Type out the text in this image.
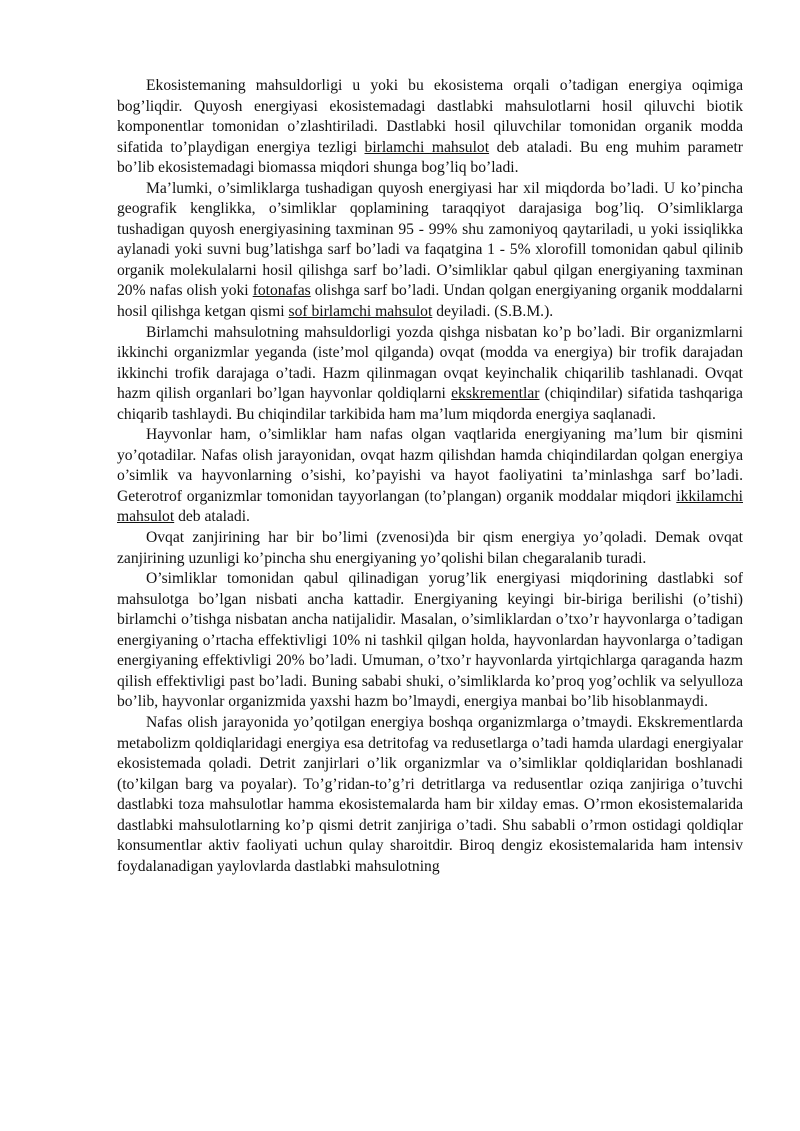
Ekosistemaning mahsuldorligi u yoki bu ekosistema orqali o’tadigan energiya oqimiga bog’liqdir. Quyosh energiyasi ekosistemadagi dastlabki mahsulotlarni hosil qiluvchi biotik komponentlar tomonidan o’zlashtiriladi. Dastlabki hosil qiluvchilar tomonidan organik modda sifatida to’playdigan energiya tezligi birlamchi mahsulot deb ataladi. Bu eng muhim parametr bo’lib ekosistemadagi biomassa miqdori shunga bog’liq bo’ladi.

Ma’lumki, o’simliklarga tushadigan quyosh energiyasi har xil miqdorda bo’ladi. U ko’pincha geografik kenglikka, o’simliklar qoplamining taraqqiyot darajasiga bog’liq. O’simliklarga tushadigan quyosh energiyasining taxminan 95 - 99% shu zamoniyoq qaytariladi, u yoki issiqlikka aylanadi yoki suvni bug’latishga sarf bo’ladi va faqatgina 1 - 5% xlorofill tomonidan qabul qilinib organik molekulalarni hosil qilishga sarf bo’ladi. O’simliklar qabul qilgan energiyaning taxminan 20% nafas olish yoki fotonafas olishga sarf bo’ladi. Undan qolgan energiyaning organik moddalarni hosil qilishga ketgan qismi sof birlamchi mahsulot deyiladi. (S.B.M.).

Birlamchi mahsulotning mahsuldorligi yozda qishga nisbatan ko’p bo’ladi. Bir organizmlarni ikkinchi organizmlar yeganda (iste’mol qilganda) ovqat (modda va energiya) bir trofik darajadan ikkinchi trofik darajaga o’tadi. Hazm qilinmagan ovqat keyinchalik chiqarilib tashlanadi. Ovqat hazm qilish organlari bo’lgan hayvonlar qoldiqlarni ekskrementlar (chiqindilar) sifatida tashqariga chiqarib tashlaydi. Bu chiqindilar tarkibida ham ma’lum miqdorda energiya saqlanadi.

Hayvonlar ham, o’simliklar ham nafas olgan vaqtlarida energiyaning ma’lum bir qismini yo’qotadilar. Nafas olish jarayonidan, ovqat hazm qilishdan hamda chiqindilardan qolgan energiya o’simlik va hayvonlarning o’sishi, ko’payishi va hayot faoliyatini ta’minlashga sarf bo’ladi. Geterotrof organizmlar tomonidan tayyorlangan (to’plangan) organik moddalar miqdori ikkilamchi mahsulot deb ataladi.

Ovqat zanjirining har bir bo’limi (zvenosi)da bir qism energiya yo’qoladi. Demak ovqat zanjirining uzunligi ko’pincha shu energiyaning yo’qolishi bilan chegaralanib turadi.

O’simliklar tomonidan qabul qilinadigan yorug’lik energiyasi miqdorining dastlabki sof mahsulotga bo’lgan nisbati ancha kattadir. Energiyaning keyingi bir-biriga berilishi (o’tishi) birlamchi o’tishga nisbatan ancha natijalidir. Masalan, o’simliklardan o’txo’r hayvonlarga o’tadigan energiyaning o’rtacha effektivligi 10% ni tashkil qilgan holda, hayvonlardan hayvonlarga o’tadigan energiyaning effektivligi 20% bo’ladi. Umuman, o’txo’r hayvonlarda yirtqichlarga qaraganda hazm qilish effektivligi past bo’ladi. Buning sababi shuki, o’simliklarda ko’proq yog’ochlik va selyulloza bo’lib, hayvonlar organizmida yaxshi hazm bo’lmaydi, energiya manbai bo’lib hisoblanmaydi.

Nafas olish jarayonida yo’qotilgan energiya boshqa organizmlarga o’tmaydi. Ekskrementlarda metabolizm qoldiqlaridagi energiya esa detritofag va redusetlarga o’tadi hamda ulardagi energiyalar ekosistemada qoladi. Detrit zanjirlari o’lik organizmlar va o’simliklar qoldiqlaridan boshlanadi (to’kilgan barg va poyalar). To’g’ridan-to’g’ri detritlarga va redusentlar oziqa zanjiriga o’tuvchi dastlabki toza mahsulotlar hamma ekosistemalarda ham bir xilday emas. O’rmon ekosistemalarida dastlabki mahsulotlarning ko’p qismi detrit zanjiriga o’tadi. Shu sababli o’rmon ostidagi qoldiqlar konsumentlar aktiv faoliyati uchun qulay sharoitdir. Biroq dengiz ekosistemalarida ham intensiv foydalanadigan yaylovlarda dastlabki mahsulotning
